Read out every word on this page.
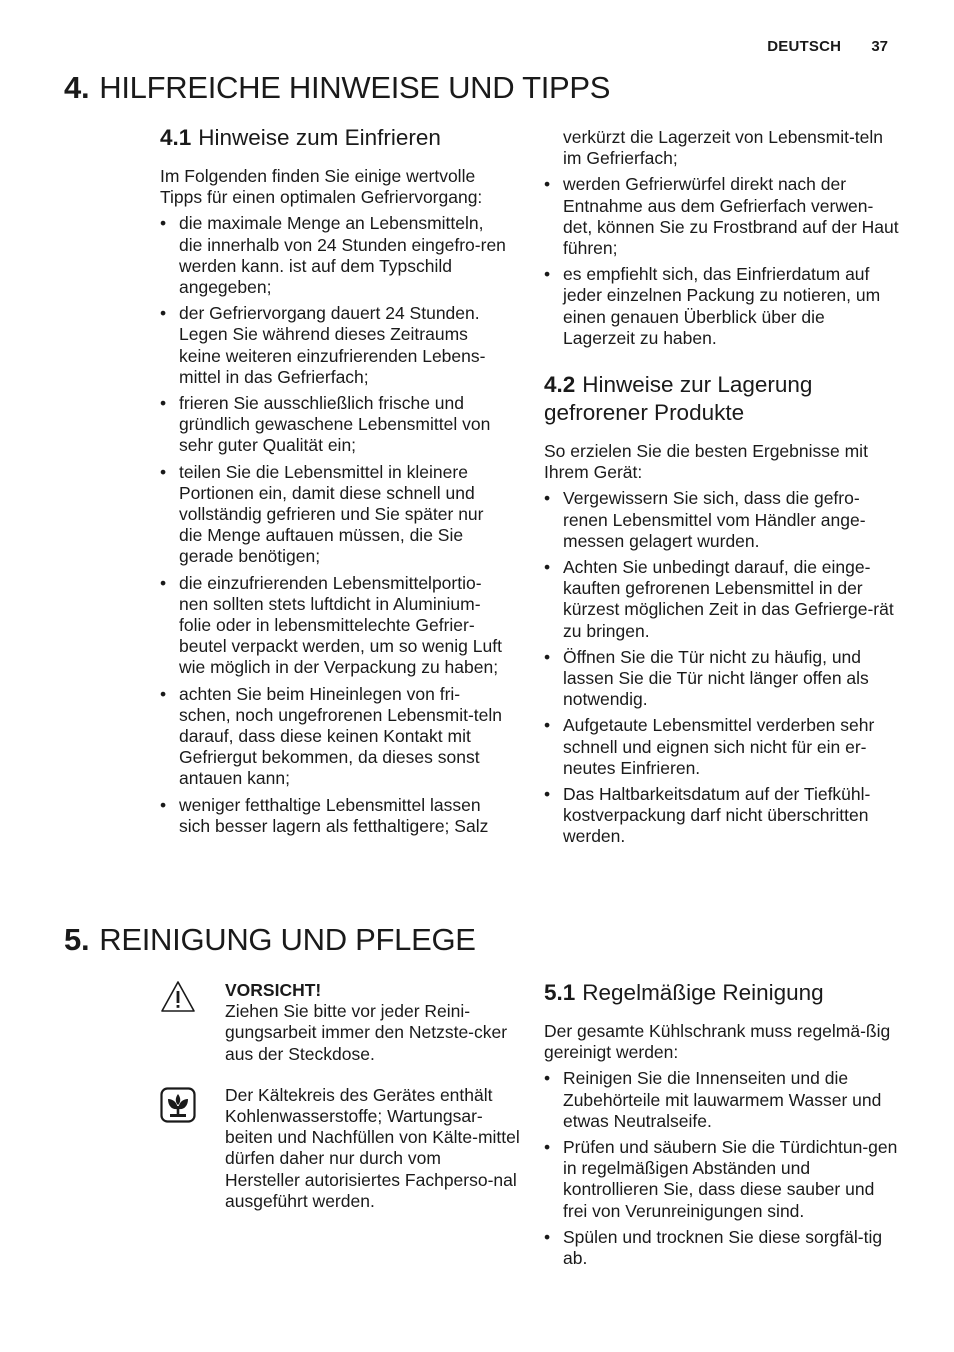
DEUTSCH 37
4. HILFREICHE HINWEISE UND TIPPS
4.1 Hinweise zum Einfrieren

Im Folgenden finden Sie einige wertvolle Tipps für einen optimalen Gefriervorgang:

• die maximale Menge an Lebensmitteln, die innerhalb von 24 Stunden eingefro-ren werden kann. ist auf dem Typschild angegeben;
• der Gefriervorgang dauert 24 Stunden. Legen Sie während dieses Zeitraums keine weiteren einzufrierenden Lebens-mittel in das Gefrierfach;
• frieren Sie ausschließlich frische und gründlich gewaschene Lebensmittel von sehr guter Qualität ein;
• teilen Sie die Lebensmittel in kleinere Portionen ein, damit diese schnell und vollständig gefrieren und Sie später nur die Menge auftauen müssen, die Sie gerade benötigen;
• die einzufrierenden Lebensmittelportio-nen sollten stets luftdicht in Aluminium-folie oder in lebensmittelechte Gefrier-beutel verpackt werden, um so wenig Luft wie möglich in der Verpackung zu haben;
• achten Sie beim Hineinlegen von fri-schen, noch ungefrorenen Lebensmit-teln darauf, dass diese keinen Kontakt mit Gefriergut bekommen, da dieses sonst antauen kann;
• weniger fetthaltige Lebensmittel lassen sich besser lagern als fetthaltigere; Salz
verkürzt die Lagerzeit von Lebensmit-teln im Gefrierfach;
• werden Gefrierwürfel direkt nach der Entnahme aus dem Gefrierfach verwen-det, können Sie zu Frostbrand auf der Haut führen;
• es empfiehlt sich, das Einfrierdatum auf jeder einzelnen Packung zu notieren, um einen genauen Überblick über die Lagerzeit zu haben.
4.2 Hinweise zur Lagerung gefrorener Produkte

So erzielen Sie die besten Ergebnisse mit Ihrem Gerät:

• Vergewissern Sie sich, dass die gefro-renen Lebensmittel vom Händler ange-messen gelagert wurden.
• Achten Sie unbedingt darauf, die einge-kauften gefrorenen Lebensmittel in der kürzest möglichen Zeit in das Gefrierge-rät zu bringen.
• Öffnen Sie die Tür nicht zu häufig, und lassen Sie die Tür nicht länger offen als notwendig.
• Aufgetaute Lebensmittel verderben sehr schnell und eignen sich nicht für ein er-neutes Einfrieren.
• Das Haltbarkeitsdatum auf der Tiefkühl-kostverpackung darf nicht überschritten werden.
5. REINIGUNG UND PFLEGE
VORSICHT!
Ziehen Sie bitte vor jeder Reini-gungsarbeit immer den Netzste-cker aus der Steckdose.
Der Kältekreis des Gerätes enthält Kohlenwasserstoffe; Wartungsar-beiten und Nachfüllen von Kälte-mittel dürfen daher nur durch vom Hersteller autorisiertes Fachperso-nal ausgeführt werden.
5.1 Regelmäßige Reinigung

Der gesamte Kühlschrank muss regelmä-ßig gereinigt werden:

• Reinigen Sie die Innenseiten und die Zubehörteile mit lauwarmem Wasser und etwas Neutralseife.
• Prüfen und säubern Sie die Türdichtun-gen in regelmäßigen Abständen und kontrollieren Sie, dass diese sauber und frei von Verunreinigungen sind.
• Spülen und trocknen Sie diese sorgfäl-tig ab.
